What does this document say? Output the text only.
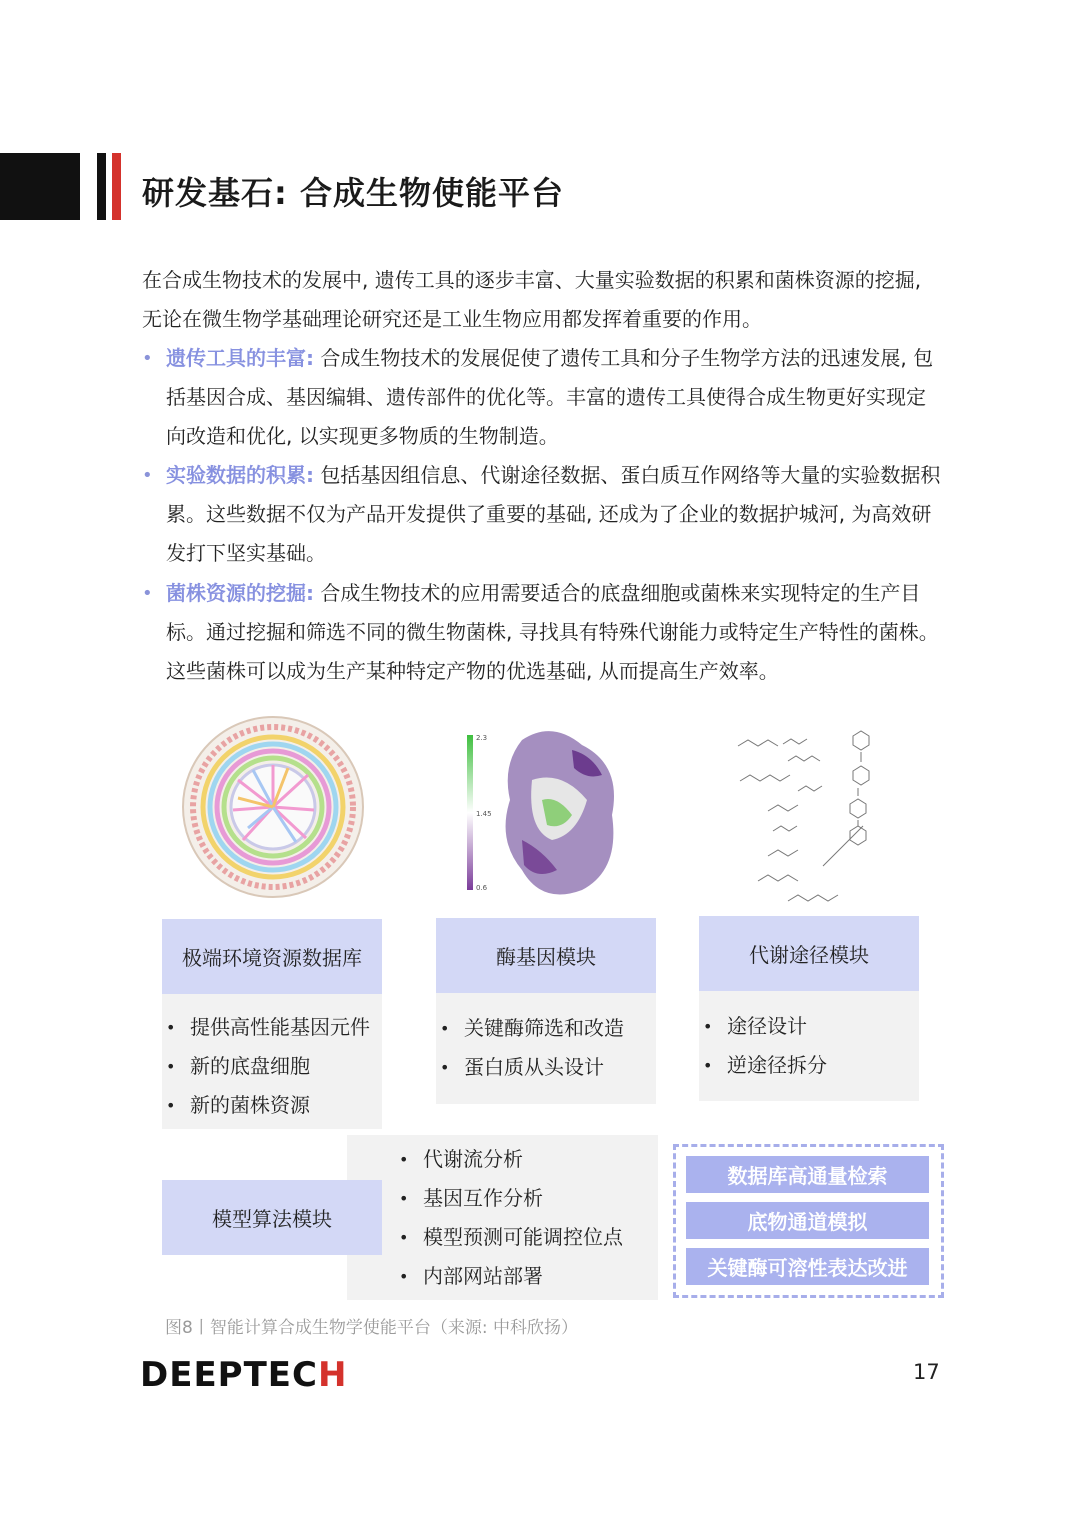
研发基石: 合成生物使能平台
在合成生物技术的发展中, 遗传工具的逐步丰富、大量实验数据的积累和菌株资源的挖掘, 无论在微生物学基础理论研究还是工业生物应用都发挥着重要的作用。
• 遗传工具的丰富: 合成生物技术的发展促使了遗传工具和分子生物学方法的迅速发展, 包括基因合成、基因编辑、遗传部件的优化等。丰富的遗传工具使得合成生物更好实现定向改造和优化, 以实现更多物质的生物制造。
• 实验数据的积累: 包括基因组信息、代谢途径数据、蛋白质互作网络等大量的实验数据积累。这些数据不仅为产品开发提供了重要的基础, 还成为了企业的数据护城河, 为高效研发打下坚实基础。
• 菌株资源的挖掘: 合成生物技术的应用需要适合的底盘细胞或菌株来实现特定的生产目标。通过挖掘和筛选不同的微生物菌株, 寻找具有特殊代谢能力或特定生产特性的菌株。这些菌株可以成为生产某种特定产物的优选基础, 从而提高生产效率。
2.3
1.45
0.6
极端环境资源数据库
• 提供高性能基因元件
• 新的底盘细胞
• 新的菌株资源
酶基因模块
• 关键酶筛选和改造
• 蛋白质从头设计
代谢途径模块
• 途径设计
• 逆途径拆分
• 代谢流分析
• 基因互作分析
• 模型预测可能调控位点
• 内部网站部署
模型算法模块
数据库高通量检索
底物通道模拟
关键酶可溶性表达改进
图8丨智能计算合成生物学使能平台（来源: 中科欣扬）
DEEPTECH	17
